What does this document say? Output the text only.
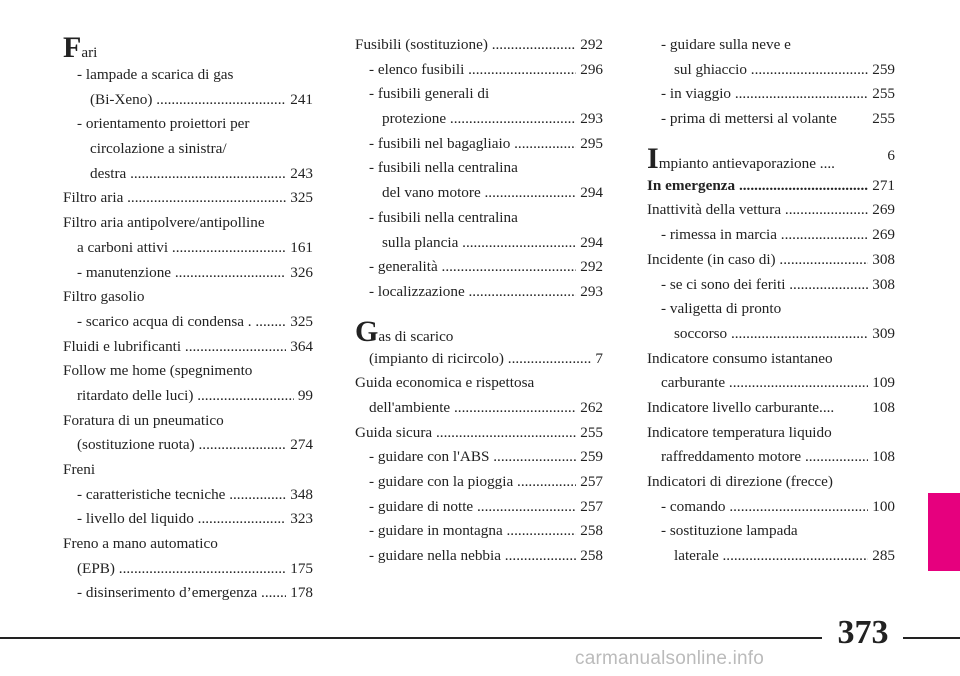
Fari
- lampade a scarica di gas
(Bi-Xeno) .....	241
- orientamento proiettori per
circolazione a sinistra/
destra .....	243
Filtro aria .....	325
Filtro aria antipolvere/antipolline
a carboni attivi .....	161
- manutenzione .....	326
Filtro gasolio
- scarico acqua di condensa . .....	325
Fluidi e lubrificanti .....	364
Follow me home (spegnimento
ritardato delle luci) .....	99
Foratura di un pneumatico
(sostituzione ruota) .....	274
Freni
- caratteristiche tecniche .....	348
- livello del liquido .....	323
Freno a mano automatico
(EPB) .....	175
- disinserimento d’emergenza .....	178
Fusibili (sostituzione) .....	292
- elenco fusibili .....	296
- fusibili generali di
protezione .....	293
- fusibili nel bagagliaio .....	295
- fusibili nella centralina
del vano motore .....	294
- fusibili nella centralina
sulla plancia .....	294
- generalità .....	292
- localizzazione .....	293
Gas di scarico
(impianto di ricircolo) .....	7
Guida economica e rispettosa
dell'ambiente .....	262
Guida sicura .....	255
- guidare con l'ABS .....	259
- guidare con la pioggia .....	257
- guidare di notte .....	257
- guidare in montagna .....	258
- guidare nella nebbia .....	258
- guidare sulla neve e
sul ghiaccio .....	259
- in viaggio .....	255
- prima di mettersi al volante	255
Impianto antievaporazione ....	6
In emergenza .....	271
Inattività della vettura .....	269
- rimessa in marcia .....	269
Incidente (in caso di) .....	308
- se ci sono dei feriti .....	308
- valigetta di pronto
soccorso .....	309
Indicatore consumo istantaneo
carburante .....	109
Indicatore livello carburante....	108
Indicatore temperatura liquido
raffreddamento motore .....	108
Indicatori di direzione (frecce)
- comando .....	100
- sostituzione lampada
laterale .....	285
373
carmanualsonline.info
